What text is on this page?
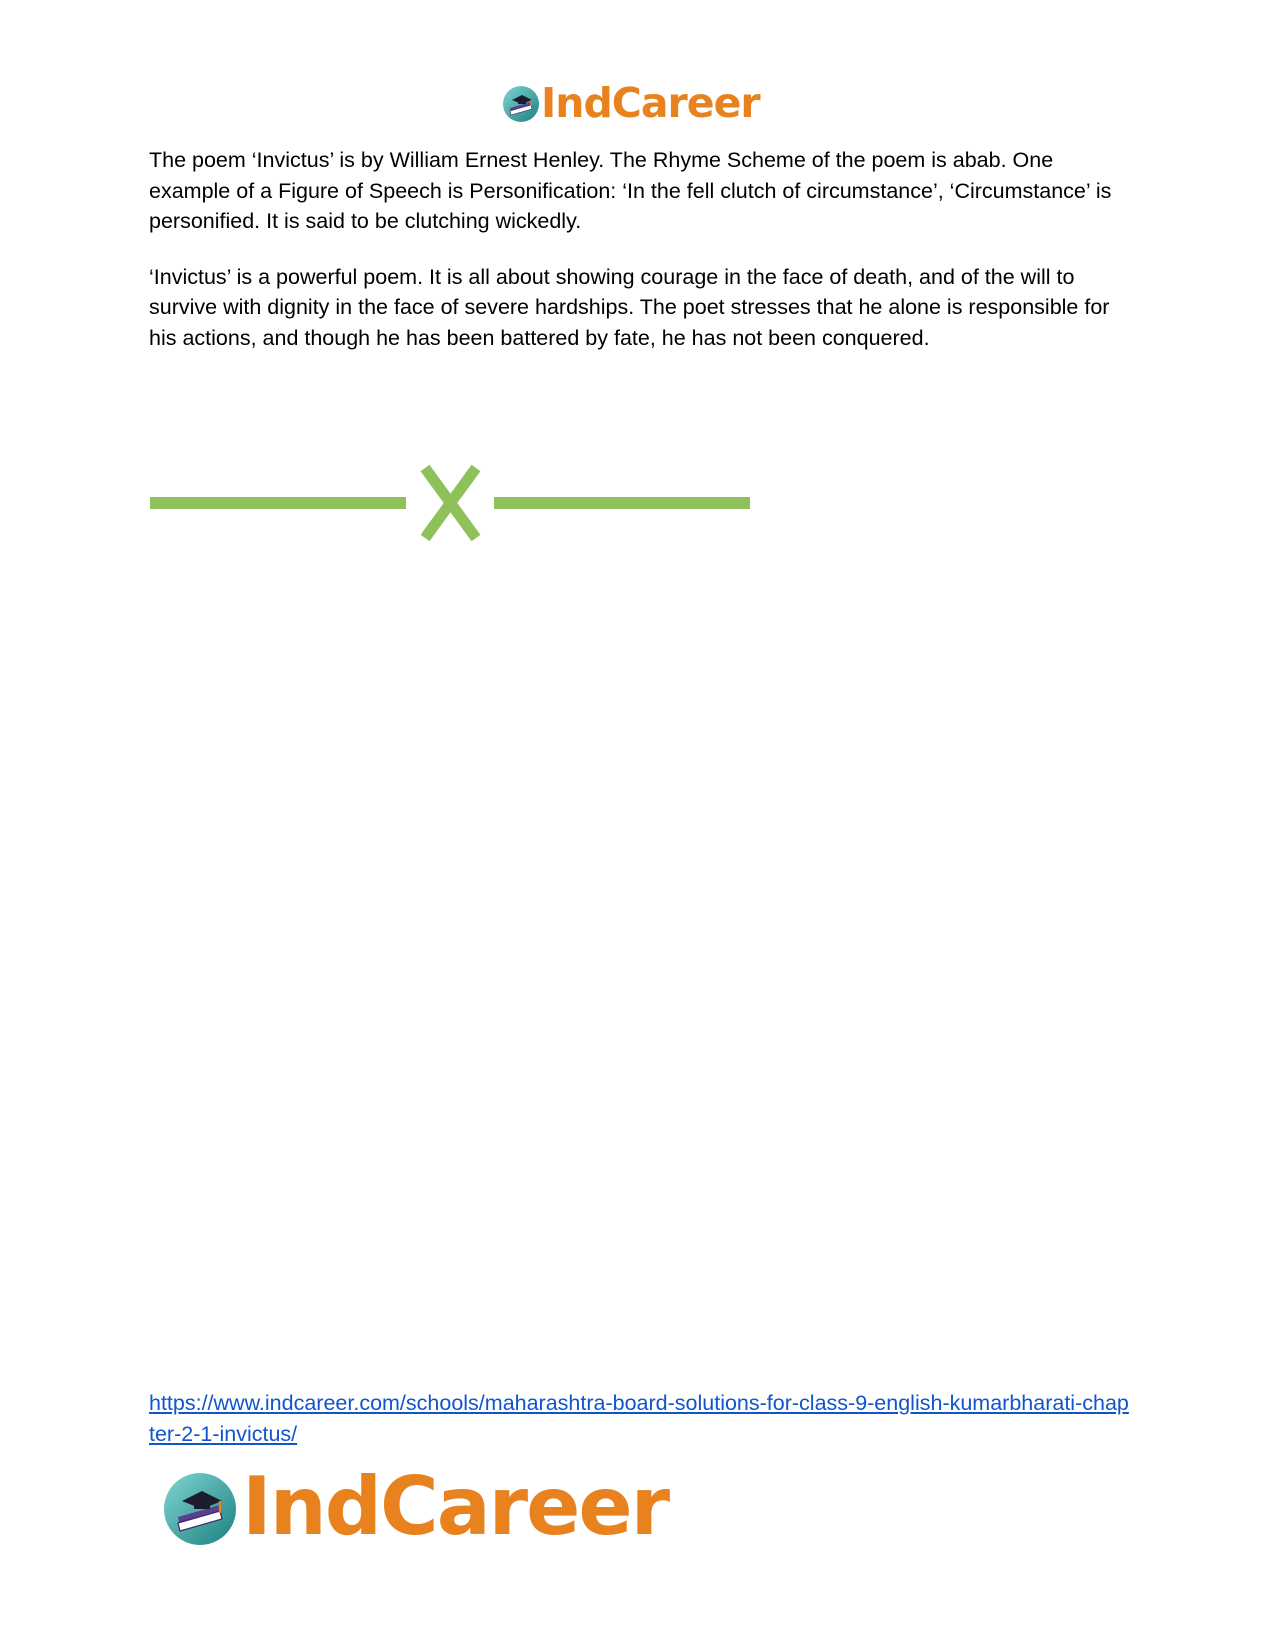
IndCareer

The poem ‘Invictus’ is by William Ernest Henley. The Rhyme Scheme of the poem is abab. One example of a Figure of Speech is Personification: ‘In the fell clutch of circumstance’, ‘Circumstance’ is personified. It is said to be clutching wickedly.

‘Invictus’ is a powerful poem. It is all about showing courage in the face of death, and of the will to survive with dignity in the face of severe hardships. The poet stresses that he alone is responsible for his actions, and though he has been battered by fate, he has not been conquered.

https://www.indcareer.com/schools/maharashtra-board-solutions-for-class-9-english-kumarbharati-chapter-2-1-invictus/
IndCareer
